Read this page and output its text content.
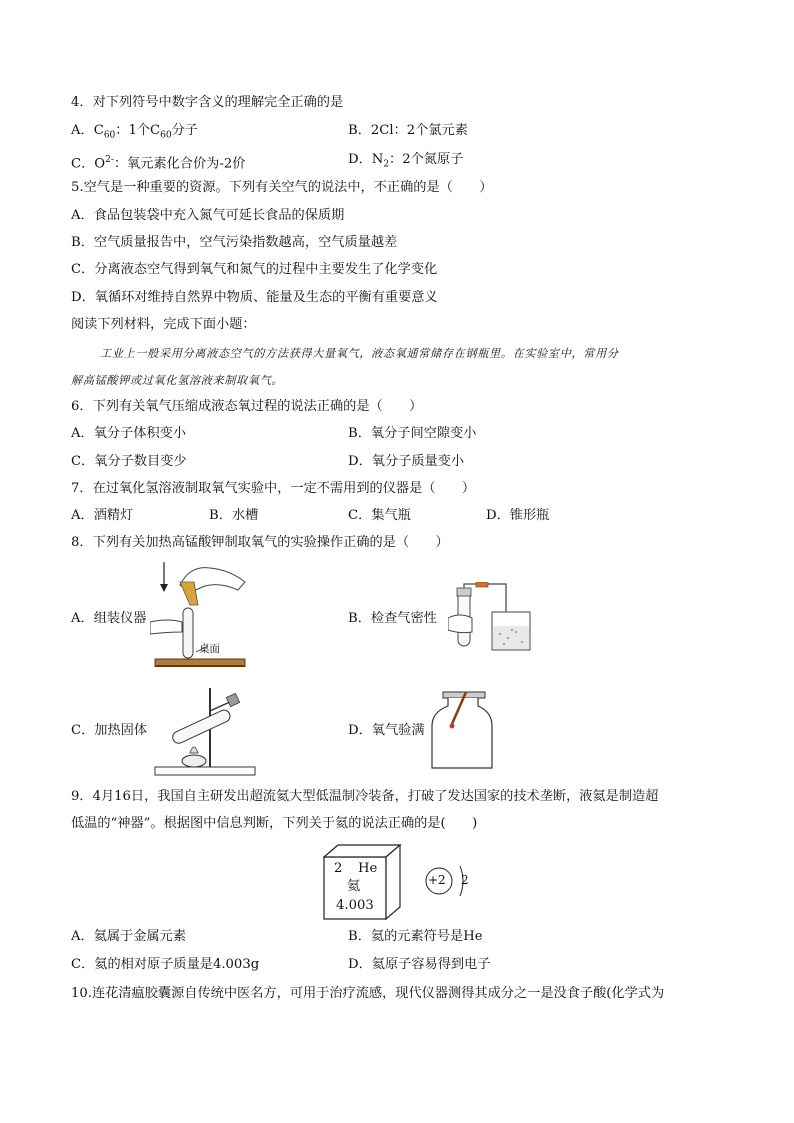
4．对下列符号中数字含义的理解完全正确的是
A．$C_{60}$：1个$C_{60}$分子	B．2Cl：2个氯元素
C．$O^{2-}$：氧元素化合价为-2价	D．$N_2$：2个氮原子
5.空气是一种重要的资源。下列有关空气的说法中，不正确的是（　　）
A．食品包装袋中充入氮气可延长食品的保质期
B．空气质量报告中，空气污染指数越高，空气质量越差
C．分离液态空气得到氧气和氮气的过程中主要发生了化学变化
D．氧循环对维持自然界中物质、能量及生态的平衡有重要意义
阅读下列材料，完成下面小题：
工业上一般采用分离液态空气的方法获得大量氧气，液态氧通常储存在钢瓶里。在实验室中，常用分
解高锰酸钾或过氧化氢溶液来制取氧气。
6．下列有关氧气压缩成液态氧过程的说法正确的是（　　）
A．氧分子体积变小	B．氧分子间空隙变小
C．氧分子数目变少	D．氧分子质量变小
7．在过氧化氢溶液制取氧气实验中，一定不需用到的仪器是（　　）
A．酒精灯	B．水槽	C．集气瓶	D．锥形瓶
8．下列有关加热高锰酸钾制取氧气的实验操作正确的是（　　）
A．组装仪器
桌面
B．检查气密性
C．加热固体	D．氧气验满
9．4月16日，我国自主研发出超流氦大型低温制冷装备，打破了发达国家的技术垄断，液氦是制造超
低温的“神器”。根据图中信息判断，下列关于氦的说法正确的是(　　)
2 He
氦
4.003
+2 2
A．氦属于金属元素	B．氦的元素符号是He
C．氦的相对原子质量是4.003g	D．氦原子容易得到电子
10.连花清瘟胶囊源自传统中医名方，可用于治疗流感，现代仪器测得其成分之一是没食子酸(化学式为
